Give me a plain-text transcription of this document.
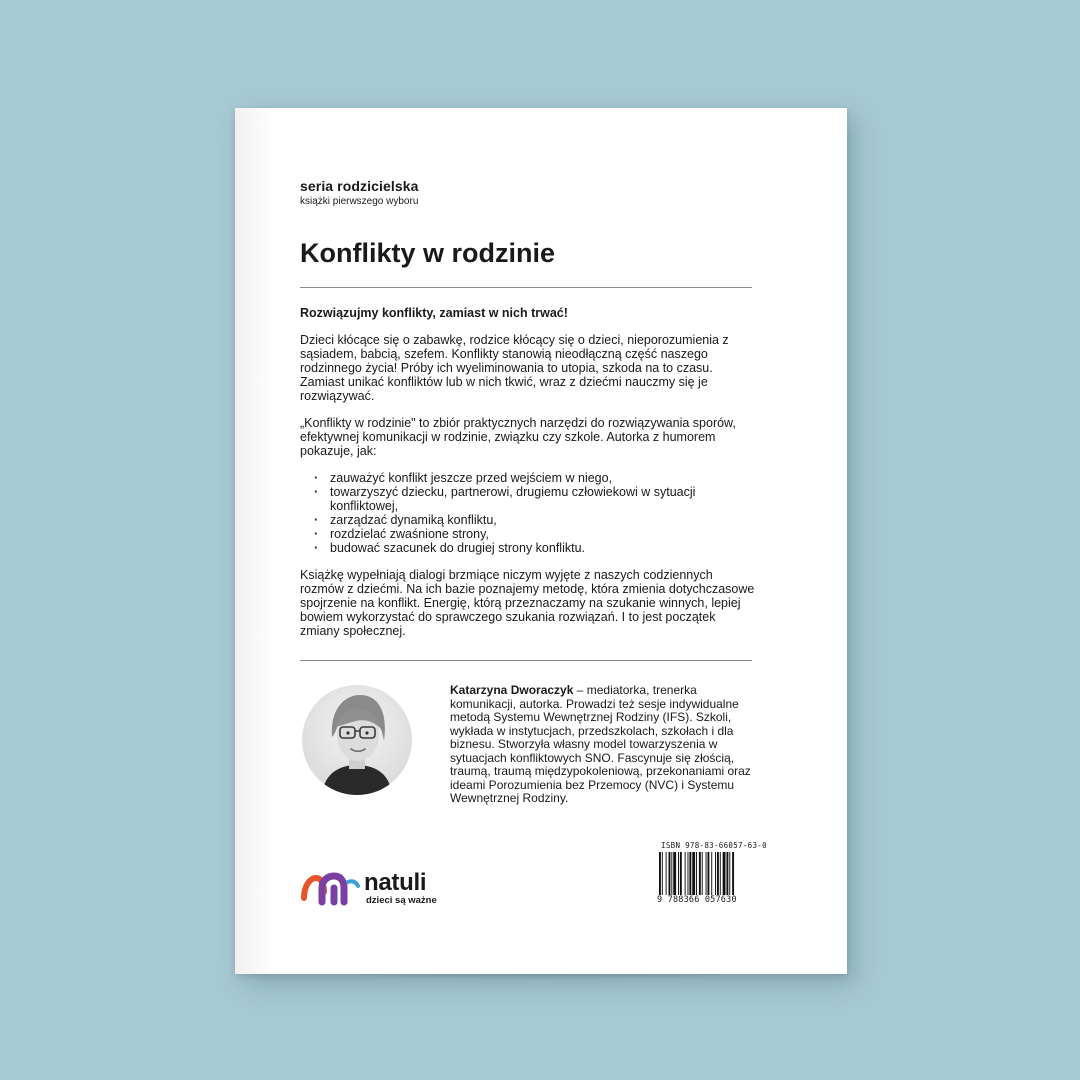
seria rodzicielska
książki pierwszego wyboru
Konflikty w rodzinie

Rozwiązujmy konflikty, zamiast w nich trwać!

Dzieci kłócące się o zabawkę, rodzice kłócący się o dzieci, nieporozumienia z sąsiadem, babcią, szefem. Konflikty stanowią nieodłączną część naszego rodzinnego życia! Próby ich wyeliminowania to utopia, szkoda na to czasu. Zamiast unikać konfliktów lub w nich tkwić, wraz z dziećmi nauczmy się je rozwiązywać.

„Konflikty w rodzinie" to zbiór praktycznych narzędzi do rozwiązywania sporów, efektywnej komunikacji w rodzinie, związku czy szkole. Autorka z humorem pokazuje, jak:

· zauważyć konflikt jeszcze przed wejściem w niego,
· towarzyszyć dziecku, partnerowi, drugiemu człowiekowi w sytuacji konfliktowej,
· zarządzać dynamiką konfliktu,
· rozdzielać zwaśnione strony,
· budować szacunek do drugiej strony konfliktu.

Książkę wypełniają dialogi brzmiące niczym wyjęte z naszych codziennych rozmów z dziećmi. Na ich bazie poznajemy metodę, która zmienia dotychczasowe spojrzenie na konflikt. Energię, którą przeznaczamy na szukanie winnych, lepiej bowiem wykorzystać do sprawczego szukania rozwiązań. I to jest początek zmiany społecznej.

Katarzyna Dworaczyk – mediatorka, trenerka komunikacji, autorka. Prowadzi też sesje indywidualne metodą Systemu Wewnętrznej Rodziny (IFS). Szkoli, wykłada w instytucjach, przedszkolach, szkołach i dla biznesu. Stworzyła własny model towarzyszenia w sytuacjach konfliktowych SNO. Fascynuje się złością, traumą, traumą międzypokoleniową, przekonaniami oraz ideami Porozumienia bez Przemocy (NVC) i Systemu Wewnętrznej Rodziny.
ISBN 978-83-66057-63-0
9 788366 057630
natuli
dzieci są ważne
